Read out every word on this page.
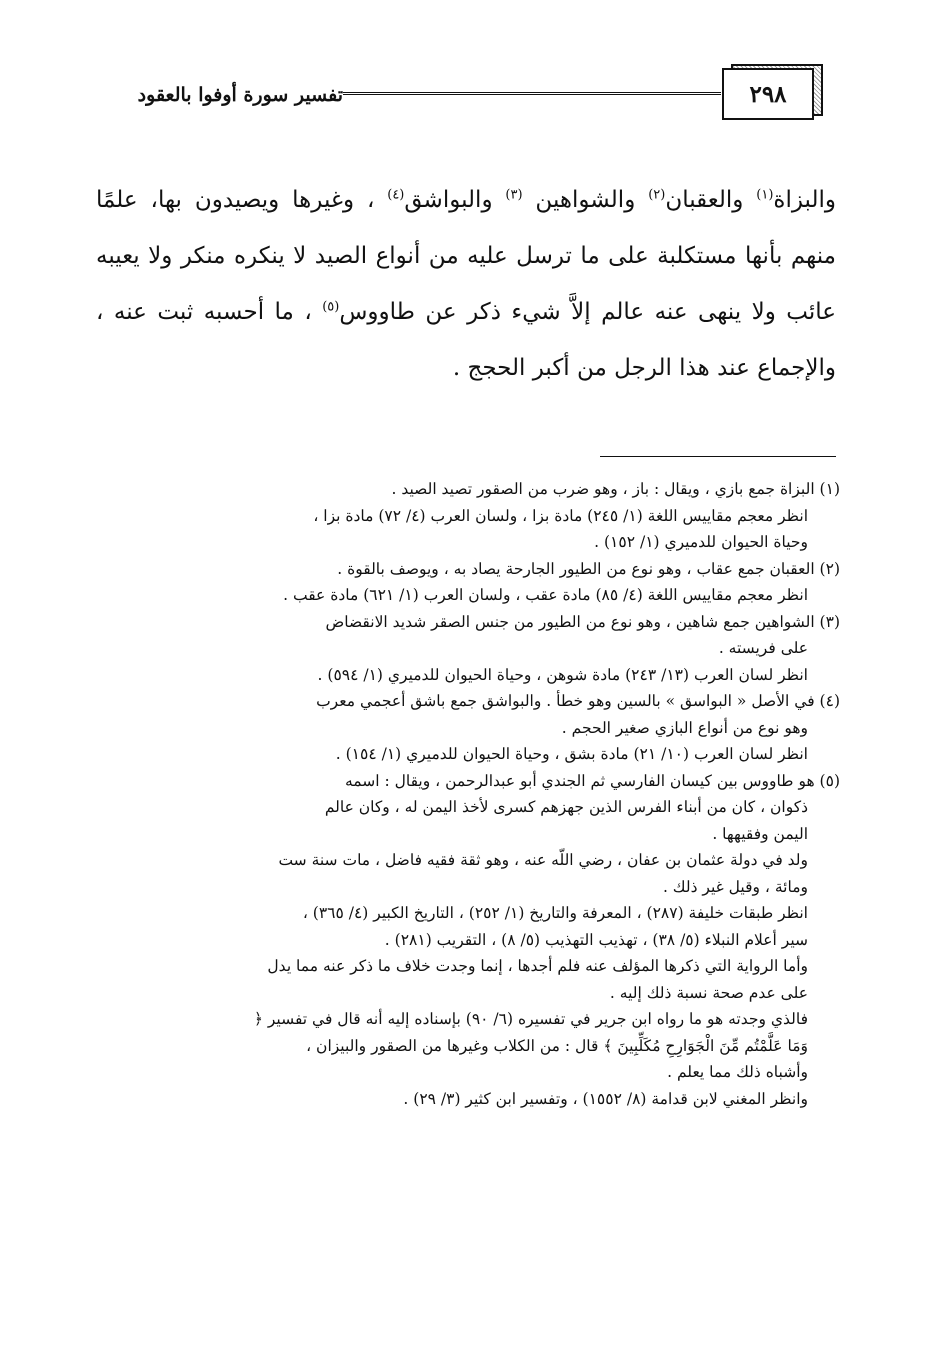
٢٩٨
تفسير سورة أوفوا بالعقود

والبزاة$^{(١)}$ والعقبان$^{(٢)}$ والشواهين $^{(٣)}$ والبواشق$^{(٤)}$ ، وغيرها ويصيدون بها، علمًا منهم بأنها مستكلبة على ما ترسل عليه من أنواع الصيد لا ينكره منكر ولا يعيبه عائب ولا ينهى عنه عالم إلاَّ شيء ذكر عن طاووس$^{(٥)}$ ، ما أحسبه ثبت عنه ، والإجماع عند هذا الرجل من أكبر الحجج .

(١) البزاة جمع بازي ، ويقال : باز ، وهو ضرب من الصقور تصيد الصيد .

انظر معجم مقاييس اللغة (١/ ٢٤٥) مادة بزا ، ولسان العرب (٤/ ٧٢) مادة بزا ،

وحياة الحيوان للدميري (١/ ١٥٢) .

(٢) العقبان جمع عقاب ، وهو نوع من الطيور الجارحة يصاد به ، ويوصف بالقوة .

انظر معجم مقاييس اللغة (٤/ ٨٥) مادة عقب ، ولسان العرب (١/ ٦٢١) مادة عقب .

(٣) الشواهين جمع شاهين ، وهو نوع من الطيور من جنس الصقر شديد الانقضاض

على فريسته .

انظر لسان العرب (١٣/ ٢٤٣) مادة شوهن ، وحياة الحيوان للدميري (١/ ٥٩٤) .

(٤) في الأصل « البواسق » بالسين وهو خطأ . والبواشق جمع باشق أعجمي معرب

وهو نوع من أنواع البازي صغير الحجم .

انظر لسان العرب (١٠/ ٢١) مادة بشق ، وحياة الحيوان للدميري (١/ ١٥٤) .

(٥) هو طاووس بين كيسان الفارسي ثم الجندي أبو عبدالرحمن ، ويقال : اسمه

ذكوان ، كان من أبناء الفرس الذين جهزهم كسرى لأخذ اليمن له ، وكان عالم

اليمن وفقيهها .

ولد في دولة عثمان بن عفان ، رضي اللّه عنه ، وهو ثقة فقيه فاضل ، مات سنة ست

ومائة ، وقيل غير ذلك .

انظر طبقات خليفة (٢٨٧) ، المعرفة والتاريخ (١/ ٢٥٢) ، التاريخ الكبير (٤/ ٣٦٥) ،

سير أعلام النبلاء (٥/ ٣٨) ، تهذيب التهذيب (٥/ ٨) ، التقريب (٢٨١) .

وأما الرواية التي ذكرها المؤلف عنه فلم أجدها ، إنما وجدت خلاف ما ذكر عنه مما يدل

على عدم صحة نسبة ذلك إليه .

فالذي وجدته هو ما رواه ابن جرير في تفسيره (٦/ ٩٠) بإسناده إليه أنه قال في تفسير ﴿

وَمَا عَلَّمْتُم مِّنَ الْجَوَارِحِ مُكَلِّبِينَ ﴾ قال : من الكلاب وغيرها من الصقور والبيزان ،

وأشباه ذلك مما يعلم .

وانظر المغني لابن قدامة (٨/ ١٥٥٢) ، وتفسير ابن كثير (٣/ ٢٩) .
